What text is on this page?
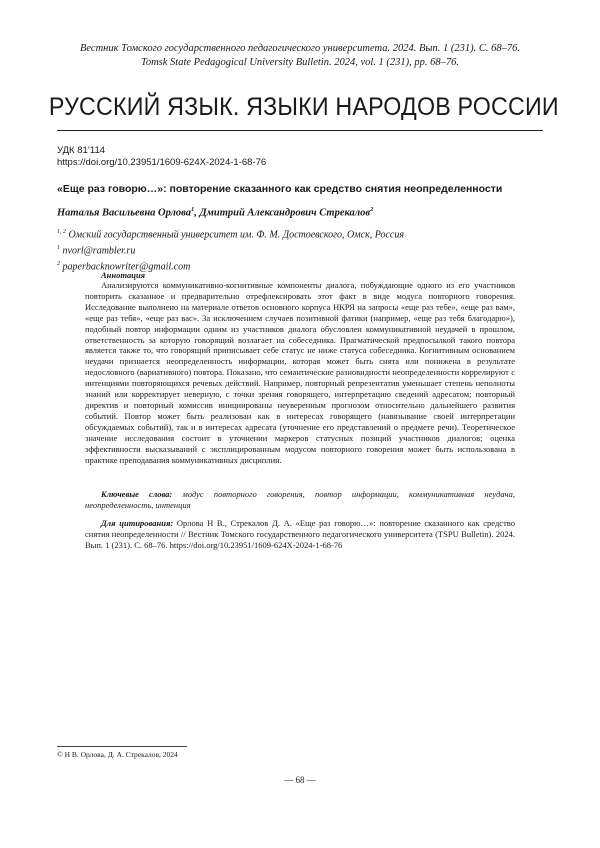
Вестник Томского государственного педагогического университета. 2024. Вып. 1 (231). С. 68–76.
Tomsk State Pedagogical University Bulletin. 2024, vol. 1 (231), pp. 68–76.
РУССКИЙ ЯЗЫК. ЯЗЫКИ НАРОДОВ РОССИИ
УДК 81’114
https://doi.org/10.23951/1609-624X-2024-1-68-76
«Еще раз говорю…»: повторение сказанного как средство снятия неопределенности
Наталья Васильевна Орлова$^1$, Дмитрий Александрович Стрекалов$^2$
$^{1, 2}$ Омский государственный университет им. Ф. М. Достоевского, Омск, Россия
$^1$ nvorl@rambler.ru
$^2$ paperbacknowriter@gmail.com
Аннотация

Анализируются коммуникативно-когнитивные компоненты диалога, побуждающие одного из его участников повторить сказанное и предварительно отрефлексировать этот факт в виде модуса повторного говорения. Исследование выполнено на материале ответов основного корпуса НКРЯ на запросы «еще раз тебе», «еще раз вам», «еще раз тебя», «еще раз вас». За исключением случаев позитивной фатики (например, «еще раз тебя благодарю»), подобный повтор информации одним из участников диалога обусловлен коммуникативной неудачей в прошлом, ответственность за которую говорящий возлагает на собеседника. Прагматической предпосылкой такого повтора является также то, что говорящий приписывает себе статус не ниже статуса собеседника. Когнитивным основанием неудачи признается неопределенность информации, которая может быть снята или понижена в результате недословного (вариативного) повтора. Показано, что семантические разновидности неопределенности коррелируют с интенциями повторяющихся речевых действий. Например, повторный репрезентатив уменьшает степень неполноты знаний или корректирует неверную, с точки зрения говорящего, интерпретацию сведений адресатом; повторный директив и повторный комиссив инициированы неуверенным прогнозом относительно дальнейшего развития событий. Повтор может быть реализован как в интересах говорящего (навязывание своей интерпретации обсуждаемых событий), так и в интересах адресата (уточнение его представлений о предмете речи). Теоретическое значение исследования состоит в уточнении маркеров статусных позиций участников диалогов; оценка эффективности высказываний с эксплицированным модусом повторного говорения может быть использована в практике преподавания коммуникативных дисциплин.

Ключевые слова: модус повторного говорения, повтор информации, коммуникативная неудача, неопределенность, интенция

Для цитирования: Орлова Н В., Стрекалов Д. А. «Еще раз говорю…»: повторение сказанного как средство снятия неопределенности // Вестник Томского государственного педагогического университета (TSPU Bulletin). 2024. Вып. 1 (231). С. 68–76. https://doi.org/10.23951/1609-624X-2024-1-68-76

© Н В. Орлова, Д. А. Стрекалов, 2024
— 68 —
